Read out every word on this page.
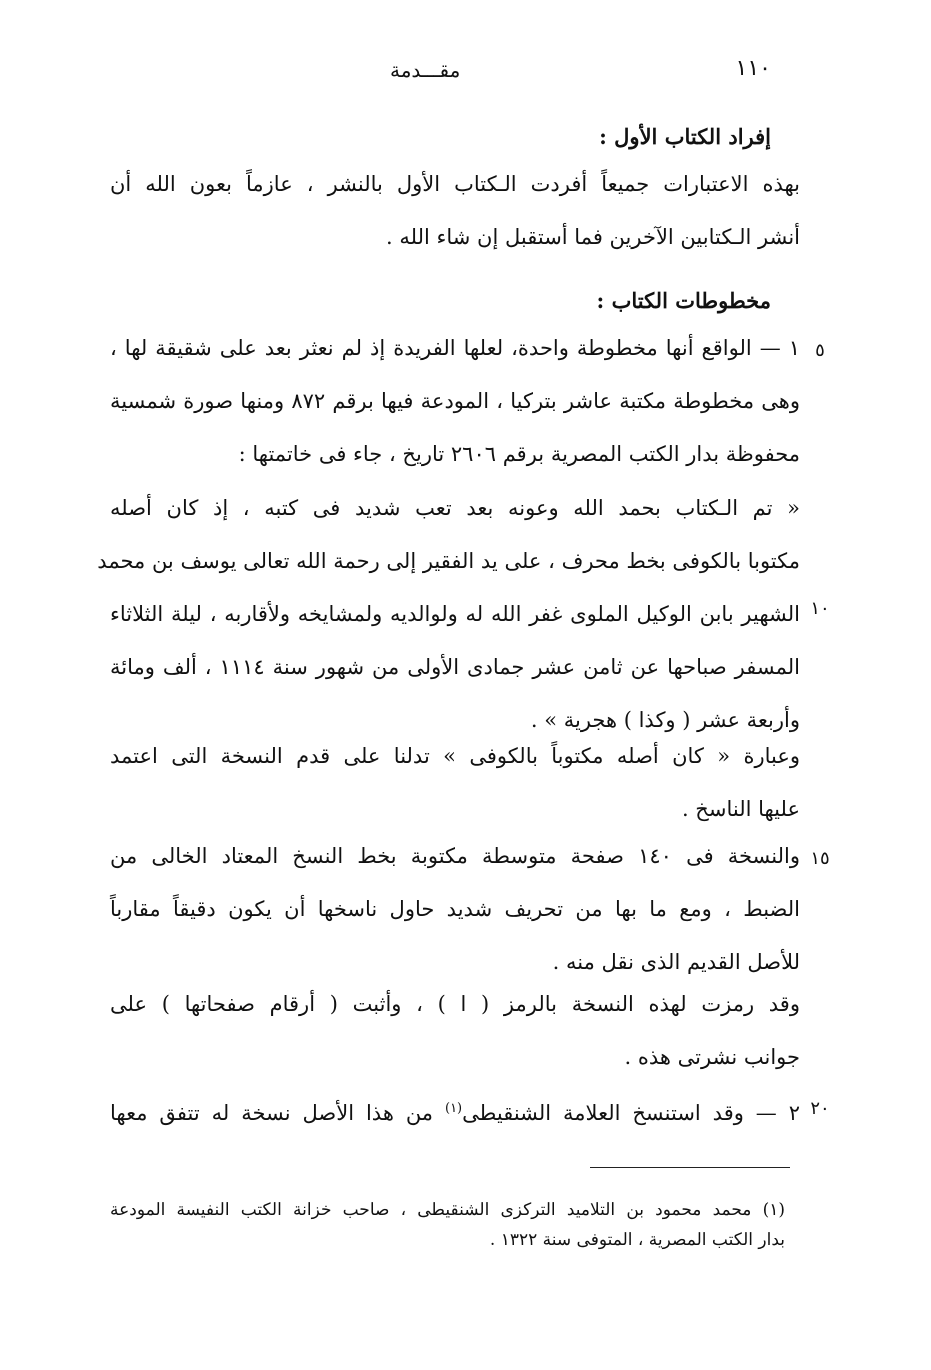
١١٠
مقـــدمة
إفراد الكتاب الأول :
بهذه الاعتبارات جميعاً أفردت الـكتاب الأول بالنشر ، عازماً بعون الله أن
أنشر الـكتابين الآخرين فما أستقبل إن شاء الله .
مخطوطات الكتاب :
١ — الواقع أنها مخطوطة واحدة، لعلها الفريدة إذ لم نعثر بعد على شقيقة لها ،
وهى مخطوطة مكتبة عاشر بتركيا ، المودعة فيها برقم ٨٧٢ ومنها صورة شمسية
محفوظة بدار الكتب المصرية برقم ٢٦٠٦ تاريخ ، جاء فى خاتمتها :
« تم الـكتاب بحمد الله وعونه بعد تعب شديد فى كتبه ، إذ كان أصله
مكتوبا بالكوفى بخط محرف ، على يد الفقير إلى رحمة الله تعالى يوسف بن محمد
الشهير بابن الوكيل الملوى غفر الله له ولوالديه ولمشايخه ولأقاربه ، ليلة الثلاثاء
المسفر صباحها عن ثامن عشر جمادى الأولى من شهور سنة ١١١٤ ، ألف ومائة
وأربعة عشر ( وكذا ) هجرية » .
وعبارة « كان أصله مكتوباً بالكوفى » تدلنا على قدم النسخة التى اعتمد
عليها الناسخ .
والنسخة فى ١٤٠ صفحة متوسطة مكتوبة بخط النسخ المعتاد الخالى من
الضبط ، ومع ما بها من تحريف شديد حاول ناسخها أن يكون دقيقاً مقارباً
للأصل القديم الذى نقل منه .
وقد رمزت لهذه النسخة بالرمز ( ا ) ، وأثبت ( أرقام صفحاتها ) على
جوانب نشرتى هذه .
٢ — وقد استنسخ العلامة الشنقيطى$^{(١)}$ من هذا الأصل نسخة له تتفق معها
٥
١٠
١٥
٢٠
(١) محمد محمود بن التلاميد التركزى الشنقيطى ، صاحب خزانة الكتب النفيسة المودعة
بدار الكتب المصرية ، المتوفى سنة ١٣٢٢ .
